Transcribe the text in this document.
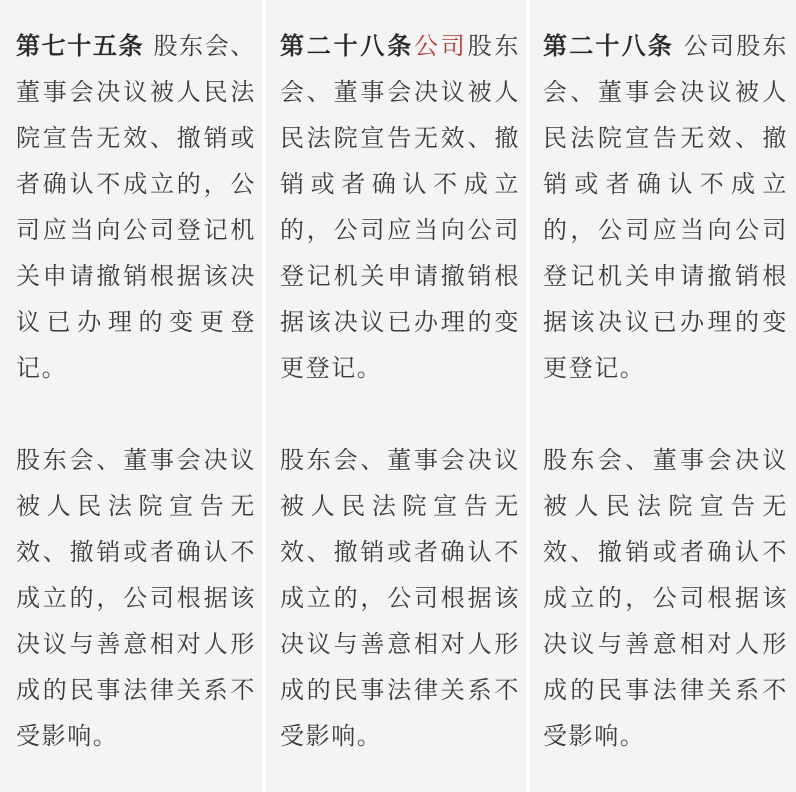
第七十五条 股东会、董事会决议被人民法院宣告无效、撤销或者确认不成立的，公司应当向公司登记机关申请撤销根据该决议已办理的变更登记。

股东会、董事会决议被人民法院宣告无效、撤销或者确认不成立的，公司根据该决议与善意相对人形成的民事法律关系不受影响。

第二十八条公司股东会、董事会决议被人民法院宣告无效、撤销或者确认不成立的，公司应当向公司登记机关申请撤销根据该决议已办理的变更登记。

股东会、董事会决议被人民法院宣告无效、撤销或者确认不成立的，公司根据该决议与善意相对人形成的民事法律关系不受影响。

第二十八条 公司股东会、董事会决议被人民法院宣告无效、撤销或者确认不成立的，公司应当向公司登记机关申请撤销根据该决议已办理的变更登记。

股东会、董事会决议被人民法院宣告无效、撤销或者确认不成立的，公司根据该决议与善意相对人形成的民事法律关系不受影响。
